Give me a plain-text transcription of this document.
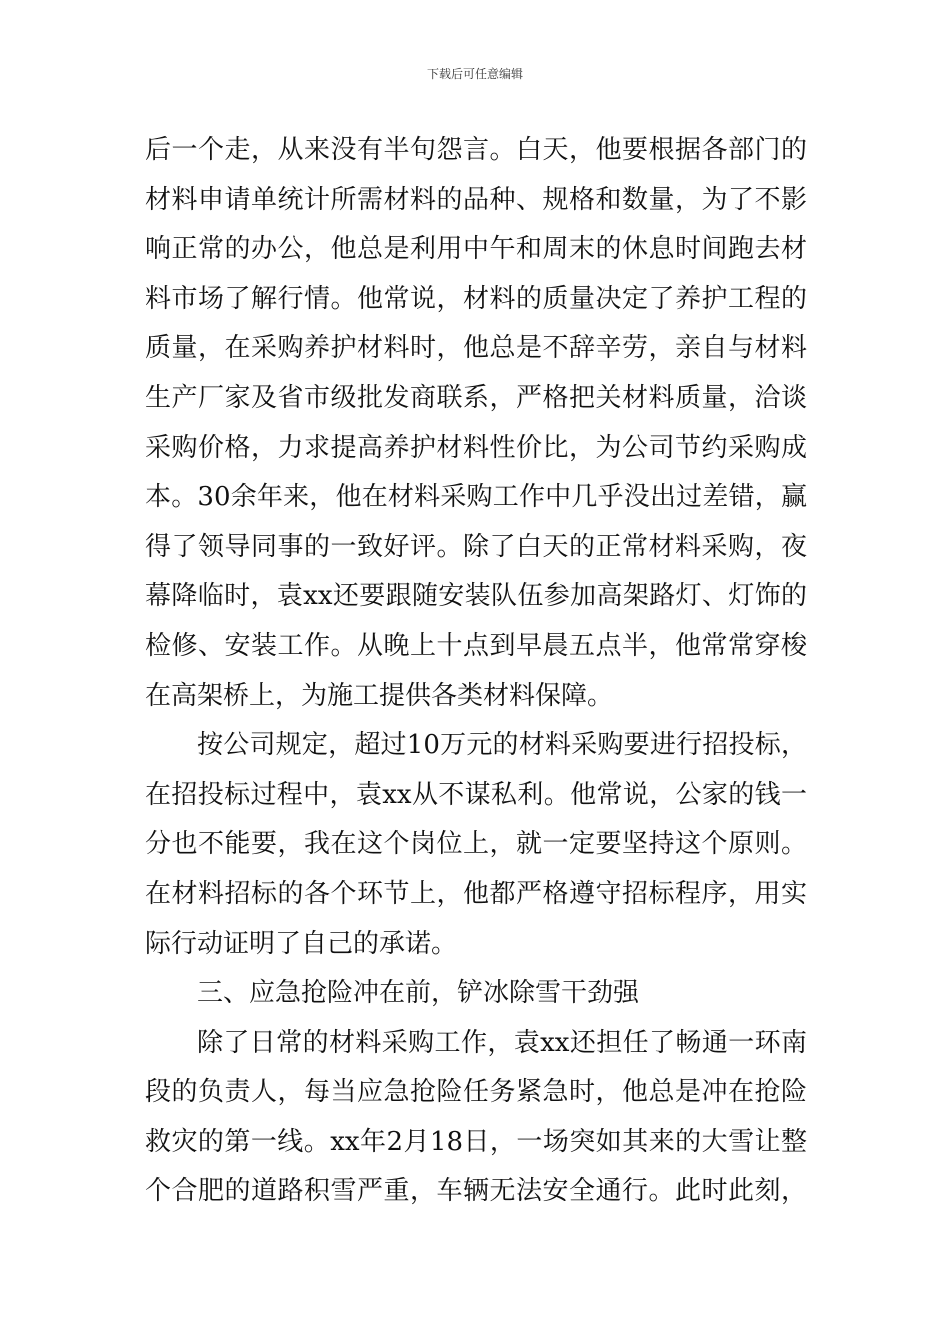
下载后可任意编辑
后一个走，从来没有半句怨言。白天，他要根据各部门的
材料申请单统计所需材料的品种、规格和数量，为了不影
响正常的办公，他总是利用中午和周末的休息时间跑去材
料市场了解行情。他常说，材料的质量决定了养护工程的
质量，在采购养护材料时，他总是不辞辛劳，亲自与材料
生产厂家及省市级批发商联系，严格把关材料质量，洽谈
采购价格，力求提高养护材料性价比，为公司节约采购成
本。30余年来，他在材料采购工作中几乎没出过差错，赢
得了领导同事的一致好评。除了白天的正常材料采购，夜
幕降临时，袁xx还要跟随安装队伍参加高架路灯、灯饰的
检修、安装工作。从晚上十点到早晨五点半，他常常穿梭
在高架桥上，为施工提供各类材料保障。
按公司规定，超过10万元的材料采购要进行招投标，
在招投标过程中，袁xx从不谋私利。他常说，公家的钱一
分也不能要，我在这个岗位上，就一定要坚持这个原则。
在材料招标的各个环节上，他都严格遵守招标程序，用实
际行动证明了自己的承诺。
三、应急抢险冲在前，铲冰除雪干劲强
除了日常的材料采购工作，袁xx还担任了畅通一环南
段的负责人，每当应急抢险任务紧急时，他总是冲在抢险
救灾的第一线。xx年2月18日，一场突如其来的大雪让整
个合肥的道路积雪严重，车辆无法安全通行。此时此刻，
